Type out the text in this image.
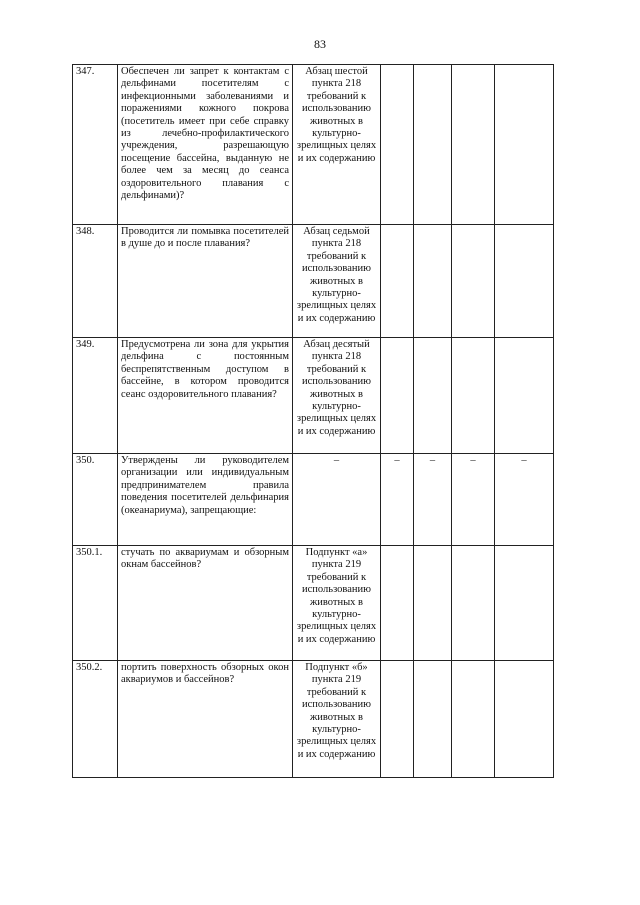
83
347.	Обеспечен ли запрет к контактам с дельфинами посетителям с инфекционными заболеваниями и поражениями кожного покрова (посетитель имеет при себе справку из лечебно-профилактического учреждения, разрешающую посещение бассейна, выданную не более чем за месяц до сеанса оздоровительного плавания с дельфинами)?	Абзац шестой пункта 218 требований к использованию животных в культурно-зрелищных целях и их содержанию				
348.	Проводится ли помывка посетителей в душе до и после плавания?	Абзац седьмой пункта 218 требований к использованию животных в культурно-зрелищных целях и их содержанию				
349.	Предусмотрена ли зона для укрытия дельфина с постоянным беспрепятственным доступом в бассейне, в котором проводится сеанс оздоровительного плавания?	Абзац десятый пункта 218 требований к использованию животных в культурно-зрелищных целях и их содержанию				
350.	Утверждены ли руководителем организации или индивидуальным предпринимателем правила поведения посетителей дельфинария (океанариума), запрещающие:	–	–	–	–	–
350.1.	стучать по аквариумам и обзорным окнам бассейнов?	Подпункт «а» пункта 219 требований к использованию животных в культурно-зрелищных целях и их содержанию				
350.2.	портить поверхность обзорных окон аквариумов и бассейнов?	Подпункт «б» пункта 219 требований к использованию животных в культурно-зрелищных целях и их содержанию				
